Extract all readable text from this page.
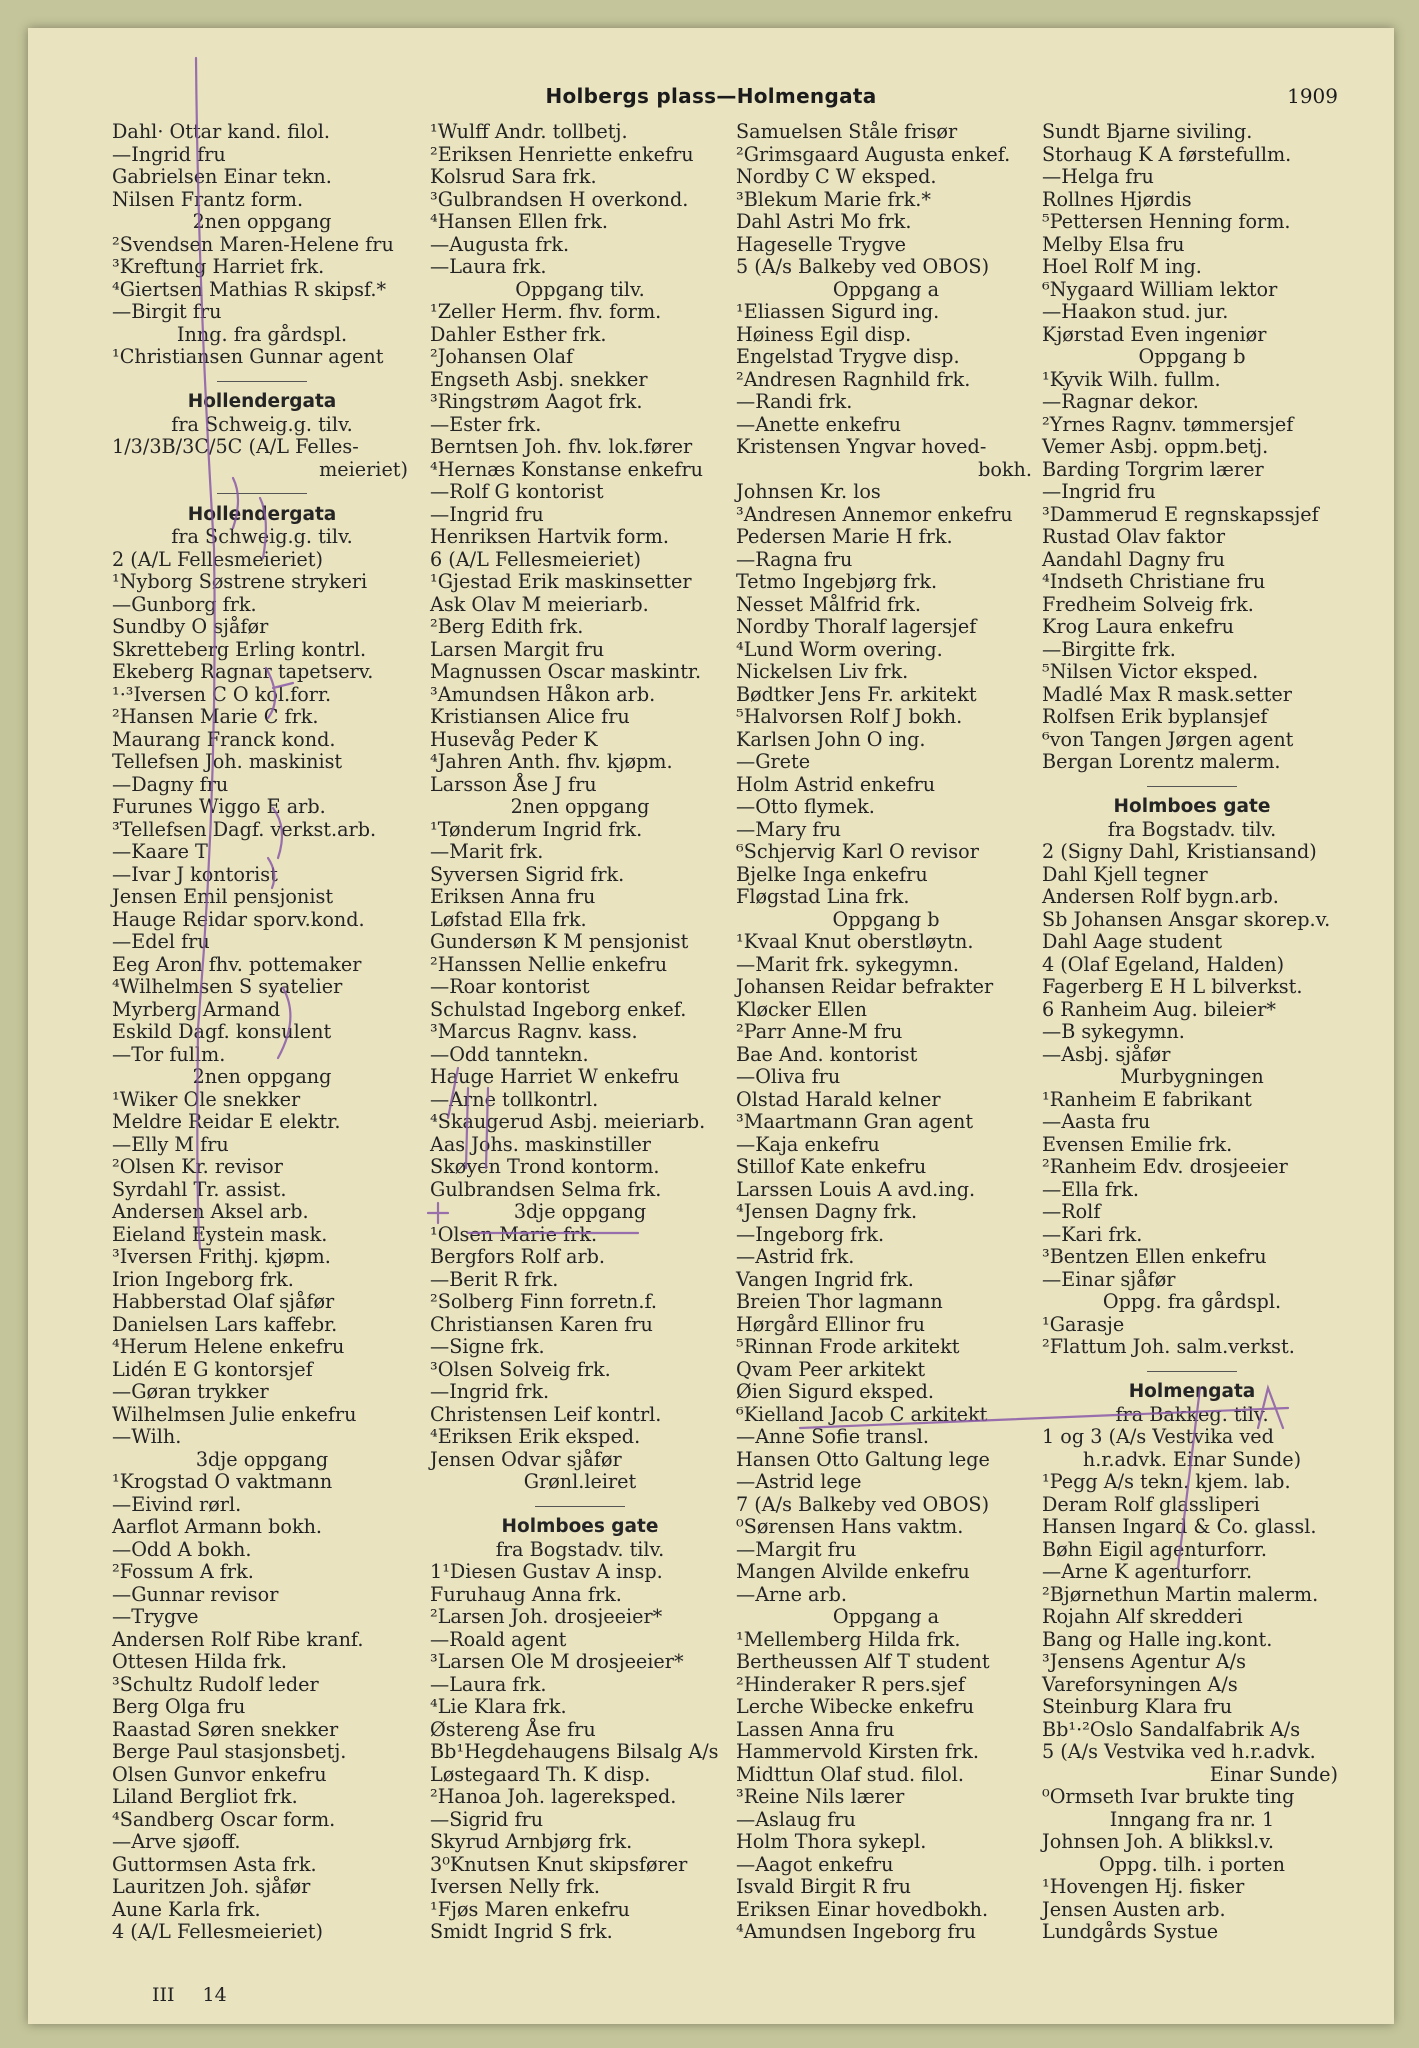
Holbergs plass—Holmengata	1909
Dahl· Ottar kand. filol.
—Ingrid fru
Gabrielsen Einar tekn.
Nilsen Frantz form.
2nen oppgang
²Svendsen Maren-Helene fru
³Kreftung Harriet frk.
⁴Giertsen Mathias R skipsf.*
—Birgit fru
Inng. fra gårdspl.
¹Christiansen Gunnar agent
Hollendergata
fra Schweig.g. tilv.
1/3/3B/3C/5C (A/L Felles-
meieriet)
Hollendergata
fra Schweig.g. tilv.
2 (A/L Fellesmeieriet)
¹Nyborg Søstrene strykeri
—Gunborg frk.
Sundby O sjåfør
Skretteberg Erling kontrl.
Ekeberg Ragnar tapetserv.
¹·³Iversen C O kol.forr.
²Hansen Marie C frk.
Maurang Franck kond.
Tellefsen Joh. maskinist
—Dagny fru
Furunes Wiggo E arb.
³Tellefsen Dagf. verkst.arb.
—Kaare T
—Ivar J kontorist
Jensen Emil pensjonist
Hauge Reidar sporv.kond.
—Edel fru
Eeg Aron fhv. pottemaker
⁴Wilhelmsen S syatelier
Myrberg Armand
Eskild Dagf. konsulent
—Tor fullm.
2nen oppgang
¹Wiker Ole snekker
Meldre Reidar E elektr.
—Elly M fru
²Olsen Kr. revisor
Syrdahl Tr. assist.
Andersen Aksel arb.
Eieland Eystein mask.
³Iversen Frithj. kjøpm.
Irion Ingeborg frk.
Habberstad Olaf sjåfør
Danielsen Lars kaffebr.
⁴Herum Helene enkefru
Lidén E G kontorsjef
—Gøran trykker
Wilhelmsen Julie enkefru
—Wilh.
3dje oppgang
¹Krogstad O vaktmann
—Eivind rørl.
Aarflot Armann bokh.
—Odd A bokh.
²Fossum A frk.
—Gunnar revisor
—Trygve
Andersen Rolf Ribe kranf.
Ottesen Hilda frk.
³Schultz Rudolf leder
Berg Olga fru
Raastad Søren snekker
Berge Paul stasjonsbetj.
Olsen Gunvor enkefru
Liland Bergliot frk.
⁴Sandberg Oscar form.
—Arve sjøoff.
Guttormsen Asta frk.
Lauritzen Joh. sjåfør
Aune Karla frk.
4 (A/L Fellesmeieriet)
¹Wulff Andr. tollbetj.
²Eriksen Henriette enkefru
Kolsrud Sara frk.
³Gulbrandsen H overkond.
⁴Hansen Ellen frk.
—Augusta frk.
—Laura frk.
Oppgang tilv.
¹Zeller Herm. fhv. form.
Dahler Esther frk.
²Johansen Olaf
Engseth Asbj. snekker
³Ringstrøm Aagot frk.
—Ester frk.
Berntsen Joh. fhv. lok.fører
⁴Hernæs Konstanse enkefru
—Rolf G kontorist
—Ingrid fru
Henriksen Hartvik form.
6 (A/L Fellesmeieriet)
¹Gjestad Erik maskinsetter
Ask Olav M meieriarb.
²Berg Edith frk.
Larsen Margit fru
Magnussen Oscar maskintr.
³Amundsen Håkon arb.
Kristiansen Alice fru
Husevåg Peder K
⁴Jahren Anth. fhv. kjøpm.
Larsson Åse J fru
2nen oppgang
¹Tønderum Ingrid frk.
—Marit frk.
Syversen Sigrid frk.
Eriksen Anna fru
Løfstad Ella frk.
Gundersøn K M pensjonist
²Hanssen Nellie enkefru
—Roar kontorist
Schulstad Ingeborg enkef.
³Marcus Ragnv. kass.
—Odd tanntekn.
Hauge Harriet W enkefru
—Arne tollkontrl.
⁴Skaugerud Asbj. meieriarb.
Aas Johs. maskinstiller
Skøyen Trond kontorm.
Gulbrandsen Selma frk.
3dje oppgang
¹Olsen Marie frk.
Bergfors Rolf arb.
—Berit R frk.
²Solberg Finn forretn.f.
Christiansen Karen fru
—Signe frk.
³Olsen Solveig frk.
—Ingrid frk.
Christensen Leif kontrl.
⁴Eriksen Erik eksped.
Jensen Odvar sjåfør
Grønl.leiret
Holmboes gate
fra Bogstadv. tilv.
1¹Diesen Gustav A insp.
Furuhaug Anna frk.
²Larsen Joh. drosjeeier*
—Roald agent
³Larsen Ole M drosjeeier*
—Laura frk.
⁴Lie Klara frk.
Østereng Åse fru
Bb¹Hegdehaugens Bilsalg A/s
Løstegaard Th. K disp.
²Hanoa Joh. lagereksped.
—Sigrid fru
Skyrud Arnbjørg frk.
3⁰Knutsen Knut skipsfører
Iversen Nelly frk.
¹Fjøs Maren enkefru
Smidt Ingrid S frk.
Samuelsen Ståle frisør
²Grimsgaard Augusta enkef.
Nordby C W eksped.
³Blekum Marie frk.*
Dahl Astri Mo frk.
Hageselle Trygve
5 (A/s Balkeby ved OBOS)
Oppgang a
¹Eliassen Sigurd ing.
Høiness Egil disp.
Engelstad Trygve disp.
²Andresen Ragnhild frk.
—Randi frk.
—Anette enkefru
Kristensen Yngvar hoved-
bokh.
Johnsen Kr. los
³Andresen Annemor enkefru
Pedersen Marie H frk.
—Ragna fru
Tetmo Ingebjørg frk.
Nesset Målfrid frk.
Nordby Thoralf lagersjef
⁴Lund Worm overing.
Nickelsen Liv frk.
Bødtker Jens Fr. arkitekt
⁵Halvorsen Rolf J bokh.
Karlsen John O ing.
—Grete
Holm Astrid enkefru
—Otto flymek.
—Mary fru
⁶Schjervig Karl O revisor
Bjelke Inga enkefru
Fløgstad Lina frk.
Oppgang b
¹Kvaal Knut oberstløytn.
—Marit frk. sykegymn.
Johansen Reidar befrakter
Kløcker Ellen
²Parr Anne-M fru
Bae And. kontorist
—Oliva fru
Olstad Harald kelner
³Maartmann Gran agent
—Kaja enkefru
Stillof Kate enkefru
Larssen Louis A avd.ing.
⁴Jensen Dagny frk.
—Ingeborg frk.
—Astrid frk.
Vangen Ingrid frk.
Breien Thor lagmann
Hørgård Ellinor fru
⁵Rinnan Frode arkitekt
Qvam Peer arkitekt
Øien Sigurd eksped.
⁶Kielland Jacob C arkitekt
—Anne Sofie transl.
Hansen Otto Galtung lege
—Astrid lege
7 (A/s Balkeby ved OBOS)
⁰Sørensen Hans vaktm.
—Margit fru
Mangen Alvilde enkefru
—Arne arb.
Oppgang a
¹Mellemberg Hilda frk.
Bertheussen Alf T student
²Hinderaker R pers.sjef
Lerche Wibecke enkefru
Lassen Anna fru
Hammervold Kirsten frk.
Midttun Olaf stud. filol.
³Reine Nils lærer
—Aslaug fru
Holm Thora sykepl.
—Aagot enkefru
Isvald Birgit R fru
Eriksen Einar hovedbokh.
⁴Amundsen Ingeborg fru
Sundt Bjarne siviling.
Storhaug K A førstefullm.
—Helga fru
Rollnes Hjørdis
⁵Pettersen Henning form.
Melby Elsa fru
Hoel Rolf M ing.
⁶Nygaard William lektor
—Haakon stud. jur.
Kjørstad Even ingeniør
Oppgang b
¹Kyvik Wilh. fullm.
—Ragnar dekor.
²Yrnes Ragnv. tømmersjef
Vemer Asbj. oppm.betj.
Barding Torgrim lærer
—Ingrid fru
³Dammerud E regnskapssjef
Rustad Olav faktor
Aandahl Dagny fru
⁴Indseth Christiane fru
Fredheim Solveig frk.
Krog Laura enkefru
—Birgitte frk.
⁵Nilsen Victor eksped.
Madlé Max R mask.setter
Rolfsen Erik byplansjef
⁶von Tangen Jørgen agent
Bergan Lorentz malerm.
Holmboes gate
fra Bogstadv. tilv.
2 (Signy Dahl, Kristiansand)
Dahl Kjell tegner
Andersen Rolf bygn.arb.
Sb Johansen Ansgar skorep.v.
Dahl Aage student
4 (Olaf Egeland, Halden)
Fagerberg E H L bilverkst.
6 Ranheim Aug. bileier*
—B sykegymn.
—Asbj. sjåfør
Murbygningen
¹Ranheim E fabrikant
—Aasta fru
Evensen Emilie frk.
²Ranheim Edv. drosjeeier
—Ella frk.
—Rolf
—Kari frk.
³Bentzen Ellen enkefru
—Einar sjåfør
Oppg. fra gårdspl.
¹Garasje
²Flattum Joh. salm.verkst.
Holmengata
fra Bakkeg. tilv.
1 og 3 (A/s Vestvika ved
h.r.advk. Einar Sunde)
¹Pegg A/s tekn. kjem. lab.
Deram Rolf glassliperi
Hansen Ingard & Co. glassl.
Bøhn Eigil agenturforr.
—Arne K agenturforr.
²Bjørnethun Martin malerm.
Rojahn Alf skredderi
Bang og Halle ing.kont.
³Jensens Agentur A/s
Vareforsyningen A/s
Steinburg Klara fru
Bb¹·²Oslo Sandalfabrik A/s
5 (A/s Vestvika ved h.r.advk.
Einar Sunde)
⁰Ormseth Ivar brukte ting
Inngang fra nr. 1
Johnsen Joh. A blikksl.v.
Oppg. tilh. i porten
¹Hovengen Hj. fisker
Jensen Austen arb.
Lundgårds Systue
III 14
